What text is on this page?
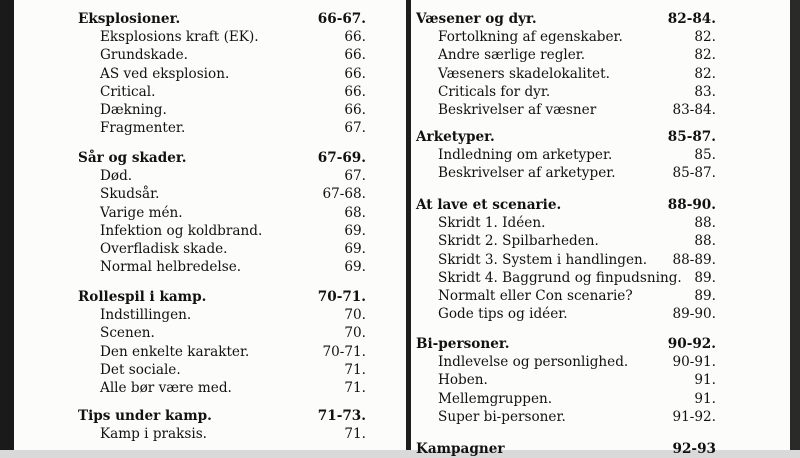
Eksplosioner.	66-67.
Eksplosions kraft (EK).	66.
Grundskade.	66.
AS ved eksplosion.	66.
Critical.	66.
Dækning.	66.
Fragmenter.	67.
Sår og skader.	67-69.
Død.	67.
Skudsår.	67-68.
Varige mén.	68.
Infektion og koldbrand.	69.
Overfladisk skade.	69.
Normal helbredelse.	69.
Rollespil i kamp.	70-71.
Indstillingen.	70.
Scenen.	70.
Den enkelte karakter.	70-71.
Det sociale.	71.
Alle bør være med.	71.
Tips under kamp.	71-73.
Kamp i praksis.	71.
Væsener og dyr.	82-84.
Fortolkning af egenskaber.	82.
Andre særlige regler.	82.
Væseners skadelokalitet.	82.
Criticals for dyr.	83.
Beskrivelser af væsner	83-84.
Arketyper.	85-87.
Indledning om arketyper.	85.
Beskrivelser af arketyper.	85-87.
At lave et scenarie.	88-90.
Skridt 1. Idéen.	88.
Skridt 2. Spilbarheden.	88.
Skridt 3. System i handlingen. 88-89.
Skridt 4. Baggrund og finpudsning. 89.
Normalt eller Con scenarie?	89.
Gode tips og idéer.	89-90.
Bi-personer.	90-92.
Indlevelse og personlighed.	90-91.
Hoben.	91.
Mellemgruppen.	91.
Super bi-personer.	91-92.
Kampagner	92-93
